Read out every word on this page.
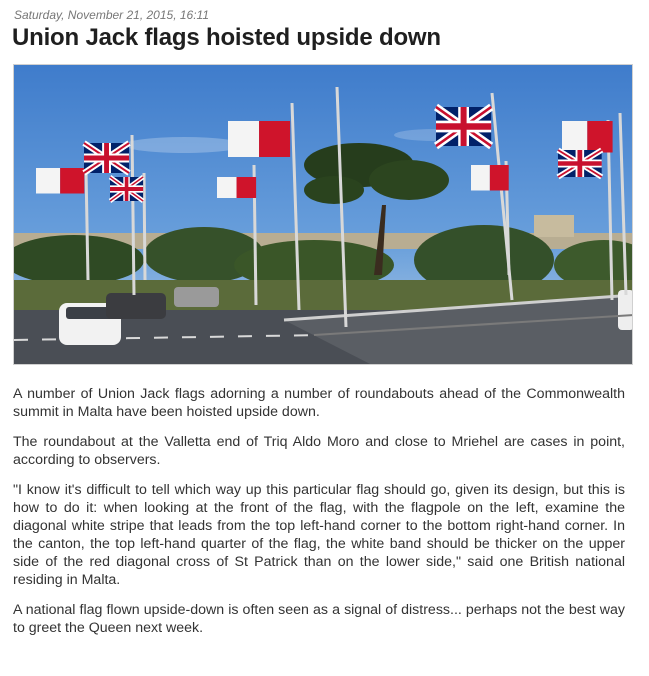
Saturday, November 21, 2015, 16:11
Union Jack flags hoisted upside down

A number of Union Jack flags adorning a number of roundabouts ahead of the Commonwealth summit in Malta have been hoisted upside down.

The roundabout at the Valletta end of Triq Aldo Moro and close to Mriehel are cases in point, according to observers.

"I know it's difficult to tell which way up this particular flag should go, given its design, but this is how to do it: when looking at the front of the flag, with the flagpole on the left, examine the diagonal white stripe that leads from the top left-hand corner to the bottom right-hand corner. In the canton, the top left-hand quarter of the flag, the white band should be thicker on the upper side of the red diagonal cross of St Patrick than on the lower side," said one British national residing in Malta.

A national flag flown upside-down is often seen as a signal of distress... perhaps not the best way to greet the Queen next week.
